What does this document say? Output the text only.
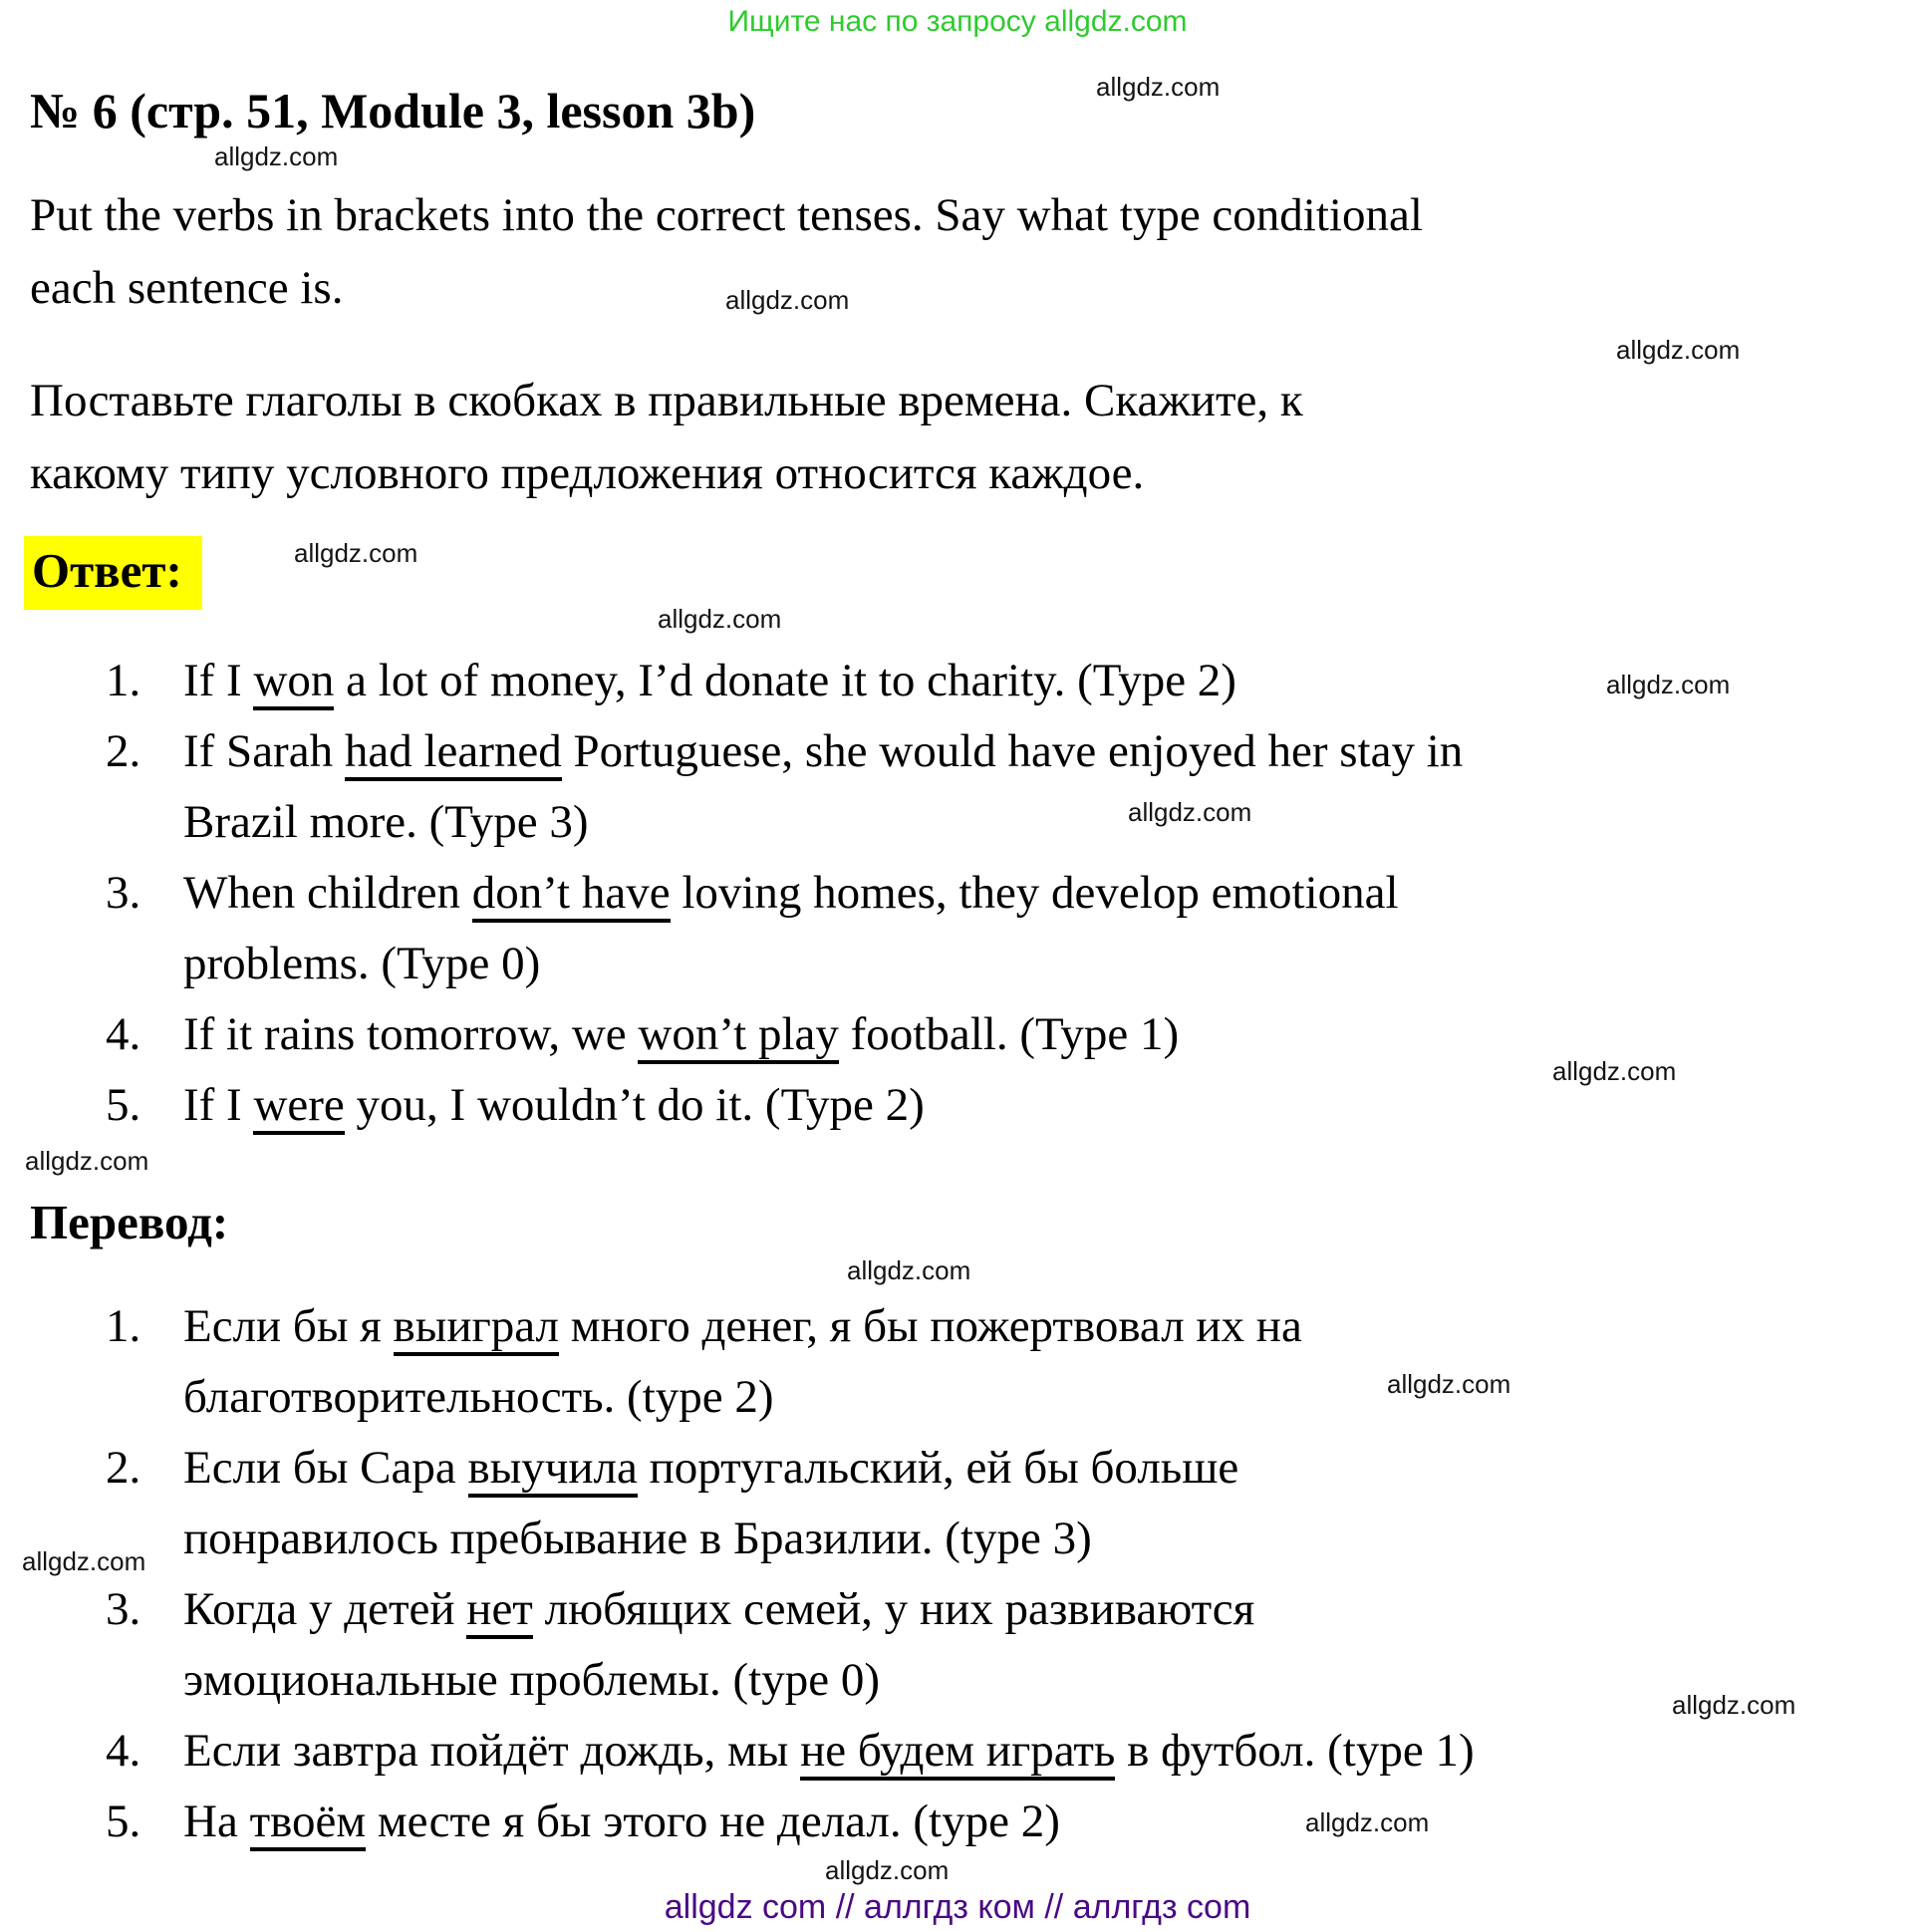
Ищите нас по запросу allgdz.com
№ 6 (стр. 51, Module 3, lesson 3b)

Put the verbs in brackets into the correct tenses. Say what type conditional
each sentence is.

Поставьте глаголы в скобках в правильные времена. Скажите, к
какому типу условного предложения относится каждое.

Ответ:
1. If I won a lot of money, I’d donate it to charity. (Type 2)
2. If Sarah had learned Portuguese, she would have enjoyed her stay in
Brazil more. (Type 3)
3. When children don’t have loving homes, they develop emotional
problems. (Type 0)
4. If it rains tomorrow, we won’t play football. (Type 1)
5. If I were you, I wouldn’t do it. (Type 2)
Перевод:
1. Если бы я выиграл много денег, я бы пожертвовал их на
благотворительность. (type 2)
2. Если бы Сара выучила португальский, ей бы больше
понравилось пребывание в Бразилии. (type 3)
3. Когда у детей нет любящих семей, у них развиваются
эмоциональные проблемы. (type 0)
4. Если завтра пойдёт дождь, мы не будем играть в футбол. (type 1)
5. На твоём месте я бы этого не делал. (type 2)
allgdz com // аллгдз ком // аллгдз com
allgdz.com
allgdz.com
allgdz.com
allgdz.com
allgdz.com
allgdz.com
allgdz.com
allgdz.com
allgdz.com
allgdz.com
allgdz.com
allgdz.com
allgdz.com
allgdz.com
allgdz.com
allgdz.com
